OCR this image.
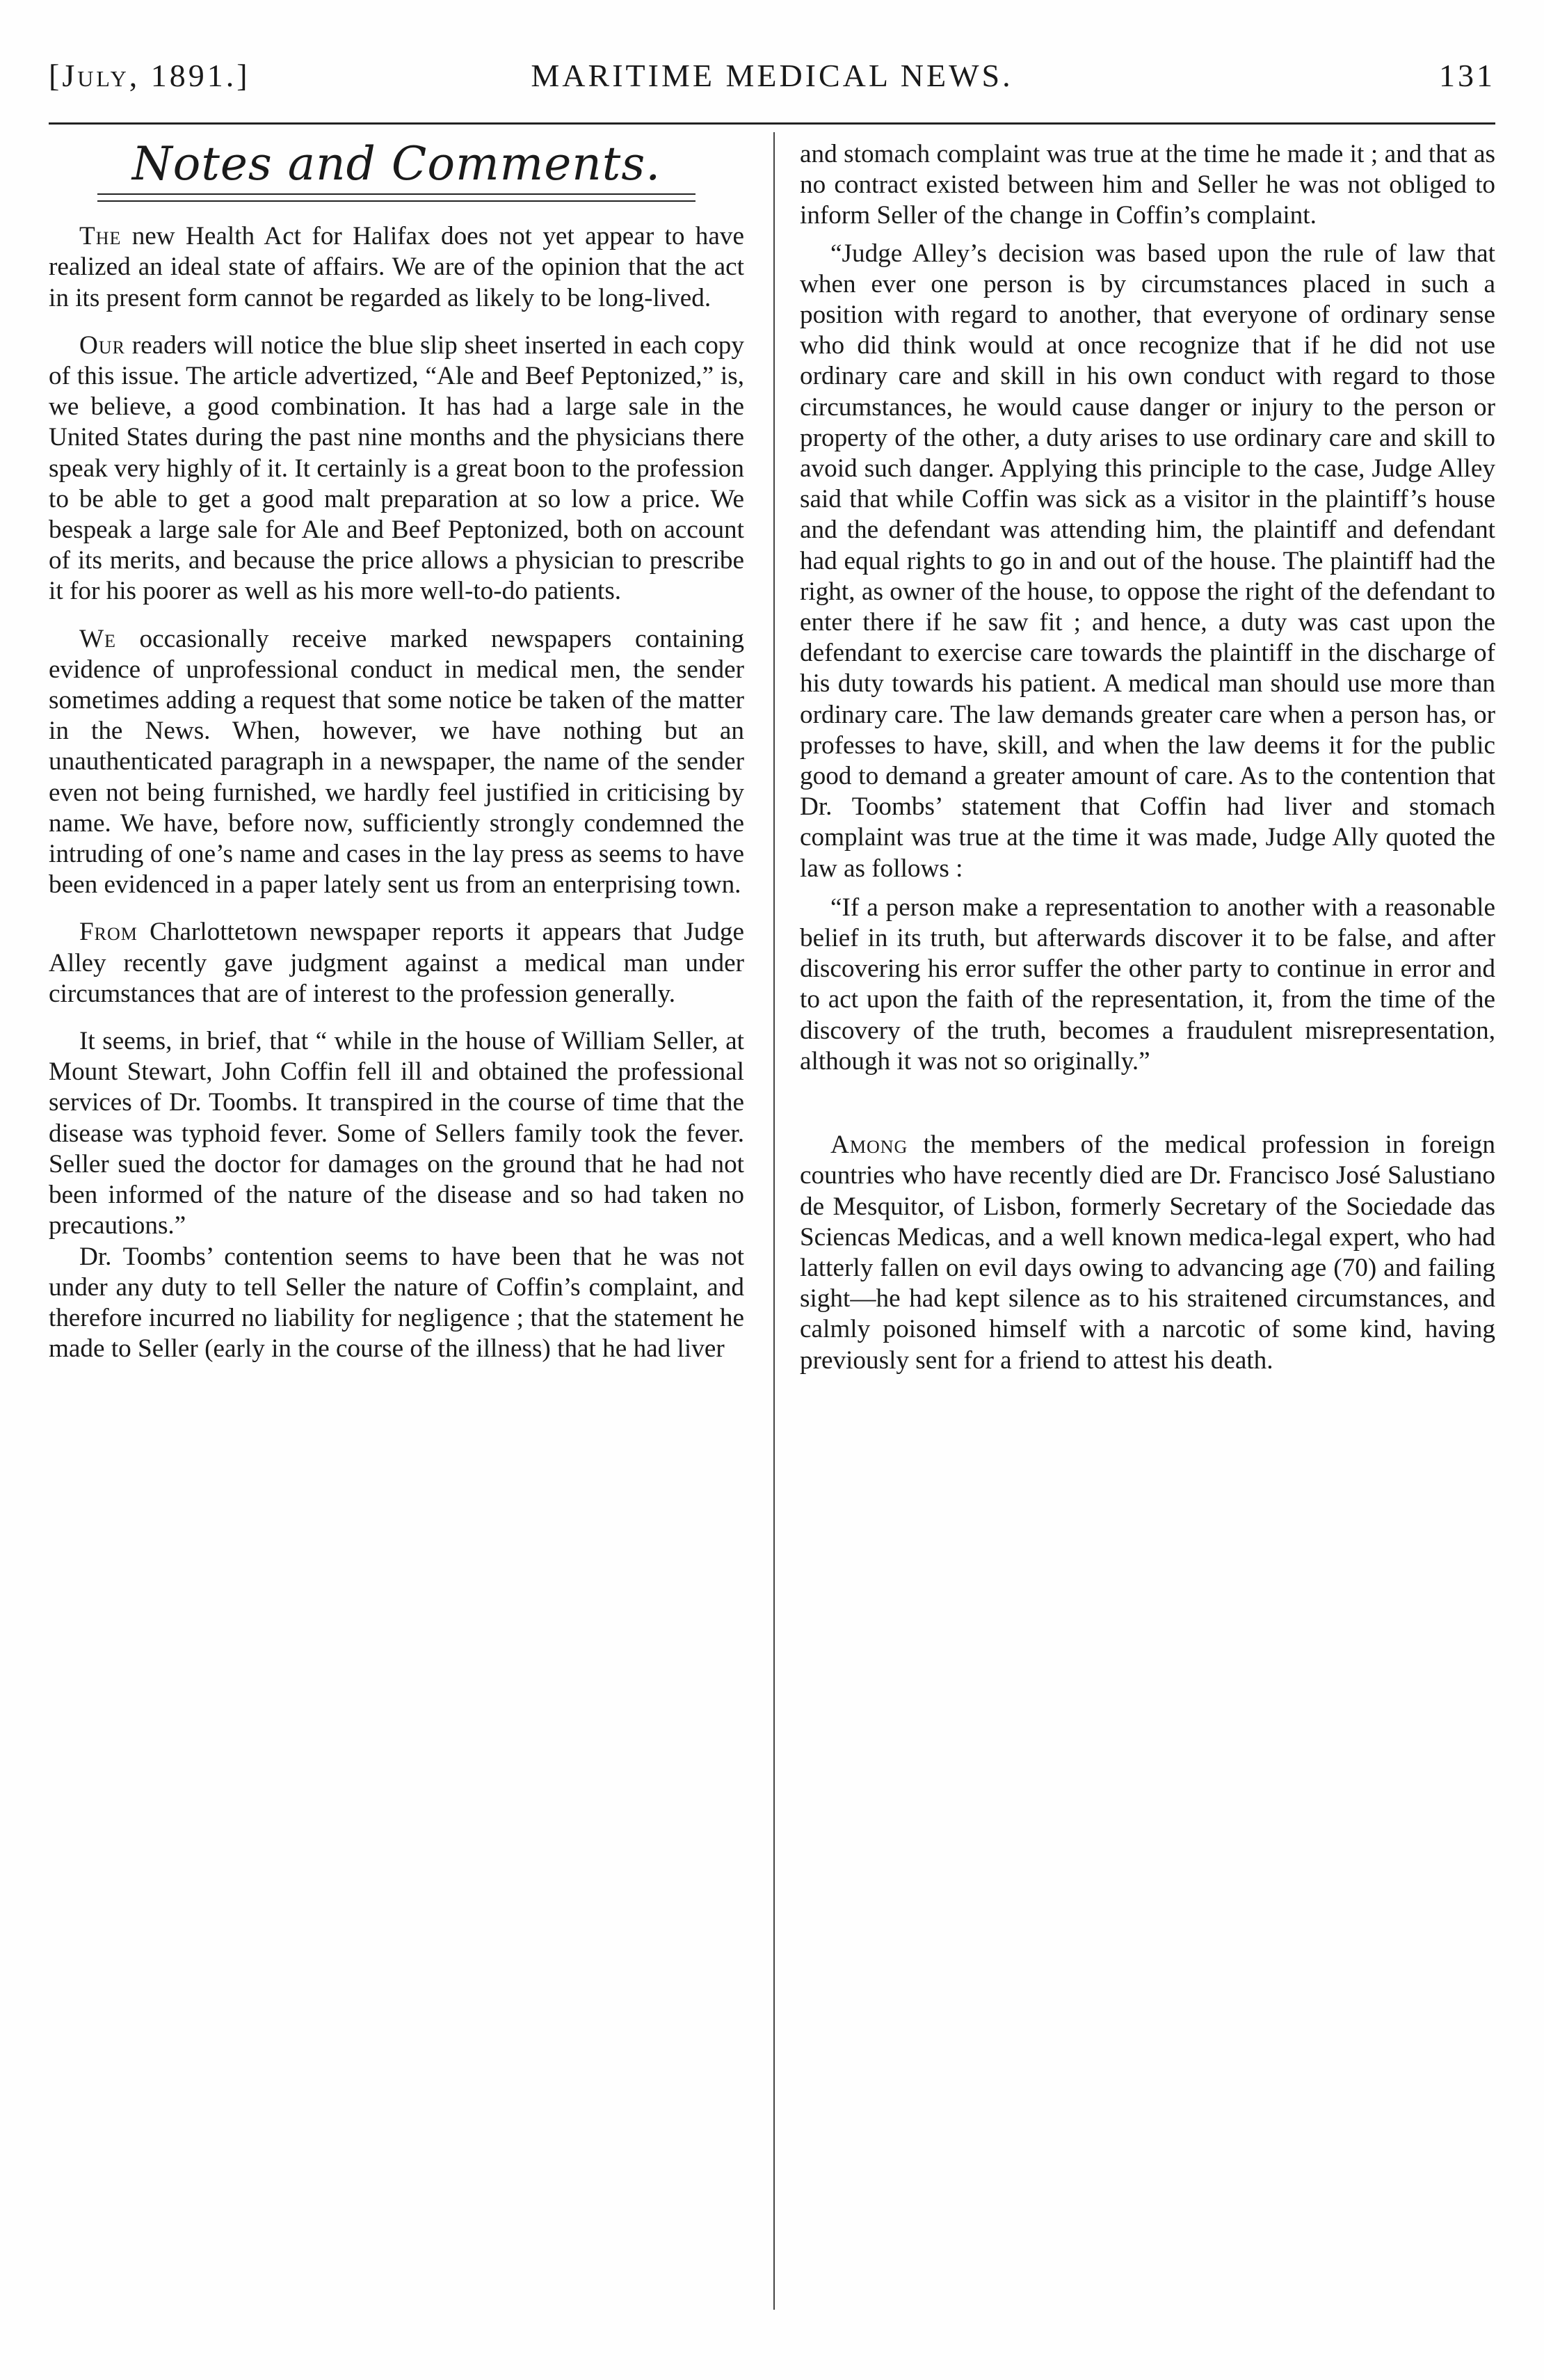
[July, 1891.]	MARITIME MEDICAL NEWS.	131
Notes and Comments.

The new Health Act for Halifax does not yet appear to have realized an ideal state of affairs. We are of the opinion that the act in its present form cannot be regarded as likely to be long-lived.

Our readers will notice the blue slip sheet inserted in each copy of this issue. The article advertized, “Ale and Beef Peptonized,” is, we believe, a good combination. It has had a large sale in the United States during the past nine months and the physicians there speak very highly of it. It certainly is a great boon to the profession to be able to get a good malt preparation at so low a price. We bespeak a large sale for Ale and Beef Peptonized, both on account of its merits, and because the price allows a physician to prescribe it for his poorer as well as his more well-to-do patients.

We occasionally receive marked newspapers containing evidence of unprofessional conduct in medical men, the sender sometimes adding a request that some notice be taken of the matter in the News. When, however, we have nothing but an unauthenticated paragraph in a newspaper, the name of the sender even not being furnished, we hardly feel justified in criticising by name. We have, before now, sufficiently strongly condemned the intruding of one’s name and cases in the lay press as seems to have been evidenced in a paper lately sent us from an enterprising town.

From Charlottetown newspaper reports it appears that Judge Alley recently gave judgment against a medical man under circumstances that are of interest to the profession generally.

It seems, in brief, that “ while in the house of William Seller, at Mount Stewart, John Coffin fell ill and obtained the professional services of Dr. Toombs. It transpired in the course of time that the disease was typhoid fever. Some of Sellers family took the fever. Seller sued the doctor for damages on the ground that he had not been informed of the nature of the disease and so had taken no precautions.”

Dr. Toombs’ contention seems to have been that he was not under any duty to tell Seller the nature of Coffin’s complaint, and therefore incurred no liability for negligence ; that the statement he made to Seller (early in the course of the illness) that he had liver

and stomach complaint was true at the time he made it ; and that as no contract existed between him and Seller he was not obliged to inform Seller of the change in Coffin’s complaint.

“Judge Alley’s decision was based upon the rule of law that when ever one person is by circumstances placed in such a position with regard to another, that everyone of ordinary sense who did think would at once recognize that if he did not use ordinary care and skill in his own conduct with regard to those circumstances, he would cause danger or injury to the person or property of the other, a duty arises to use ordinary care and skill to avoid such danger. Applying this principle to the case, Judge Alley said that while Coffin was sick as a visitor in the plaintiff’s house and the defendant was attending him, the plaintiff and defendant had equal rights to go in and out of the house. The plaintiff had the right, as owner of the house, to oppose the right of the defendant to enter there if he saw fit ; and hence, a duty was cast upon the defendant to exercise care towards the plaintiff in the discharge of his duty towards his patient. A medical man should use more than ordinary care. The law demands greater care when a person has, or professes to have, skill, and when the law deems it for the public good to demand a greater amount of care. As to the contention that Dr. Toombs’ statement that Coffin had liver and stomach complaint was true at the time it was made, Judge Ally quoted the law as follows :

“If a person make a representation to another with a reasonable belief in its truth, but afterwards discover it to be false, and after discovering his error suffer the other party to continue in error and to act upon the faith of the representation, it, from the time of the discovery of the truth, becomes a fraudulent misrepresentation, although it was not so originally.”

Among the members of the medical profession in foreign countries who have recently died are Dr. Francisco José Salustiano de Mesquitor, of Lisbon, formerly Secretary of the Sociedade das Sciencas Medicas, and a well known medica-legal expert, who had latterly fallen on evil days owing to advancing age (70) and failing sight—he had kept silence as to his straitened circumstances, and calmly poisoned himself with a narcotic of some kind, having previously sent for a friend to attest his death.
